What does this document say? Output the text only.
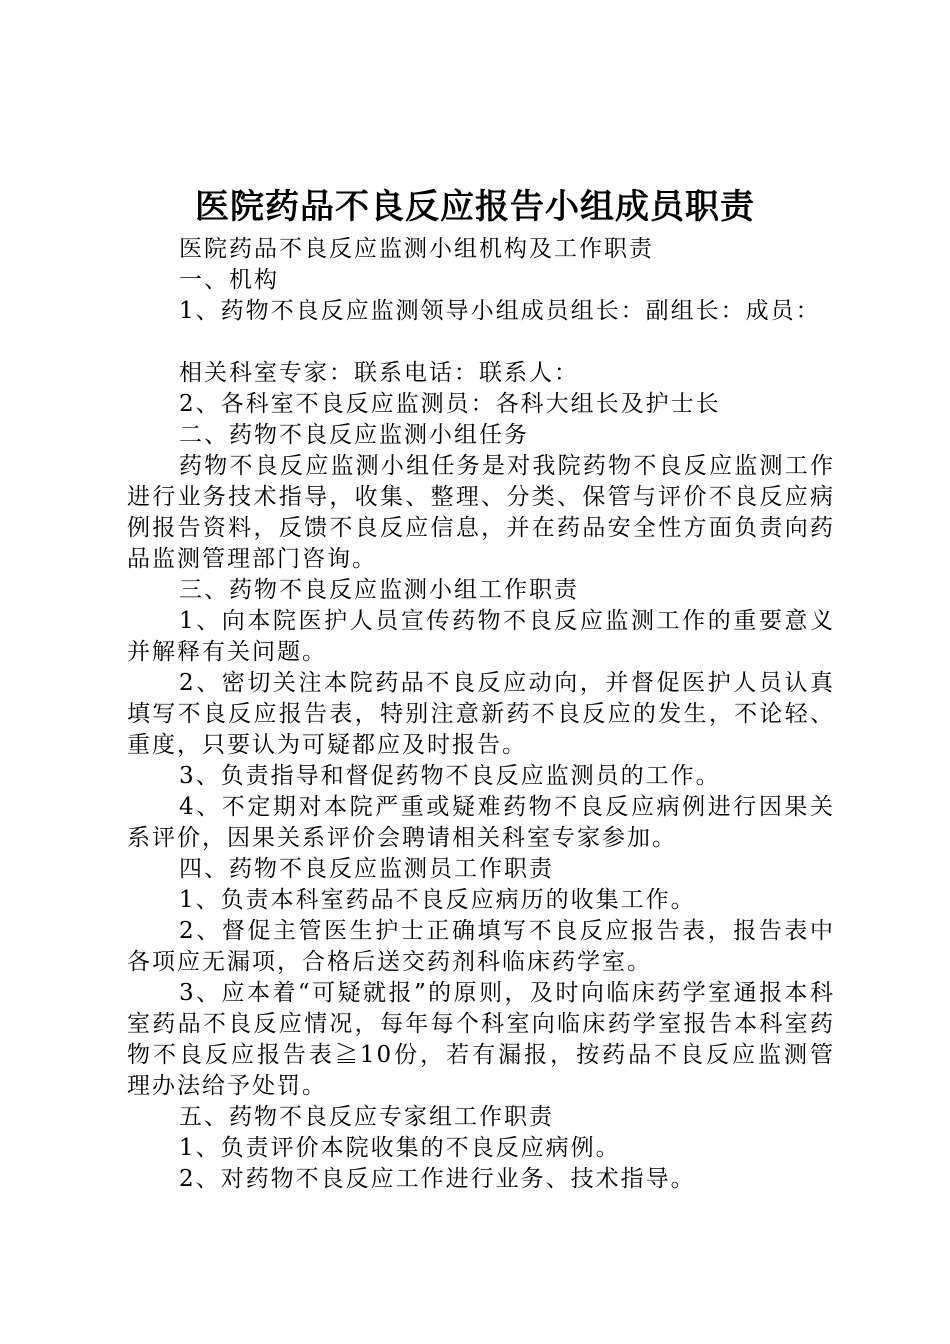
医院药品不良反应报告小组成员职责

医院药品不良反应监测小组机构及工作职责

一、机构

1、药物不良反应监测领导小组成员组长：副组长：成员：

相关科室专家：联系电话：联系人：

2、各科室不良反应监测员：各科大组长及护士长

二、药物不良反应监测小组任务

药物不良反应监测小组任务是对我院药物不良反应监测工作进行业务技术指导，收集、整理、分类、保管与评价不良反应病例报告资料，反馈不良反应信息，并在药品安全性方面负责向药品监测管理部门咨询。

三、药物不良反应监测小组工作职责

1、向本院医护人员宣传药物不良反应监测工作的重要意义并解释有关问题。

2、密切关注本院药品不良反应动向，并督促医护人员认真填写不良反应报告表，特别注意新药不良反应的发生，不论轻、重度，只要认为可疑都应及时报告。

3、负责指导和督促药物不良反应监测员的工作。

4、不定期对本院严重或疑难药物不良反应病例进行因果关系评价，因果关系评价会聘请相关科室专家参加。

四、药物不良反应监测员工作职责

1、负责本科室药品不良反应病历的收集工作。

2、督促主管医生护士正确填写不良反应报告表，报告表中各项应无漏项，合格后送交药剂科临床药学室。

3、应本着“可疑就报”的原则，及时向临床药学室通报本科室药品不良反应情况，每年每个科室向临床药学室报告本科室药物不良反应报告表≧10份，若有漏报，按药品不良反应监测管理办法给予处罚。

五、药物不良反应专家组工作职责

1、负责评价本院收集的不良反应病例。

2、对药物不良反应工作进行业务、技术指导。
